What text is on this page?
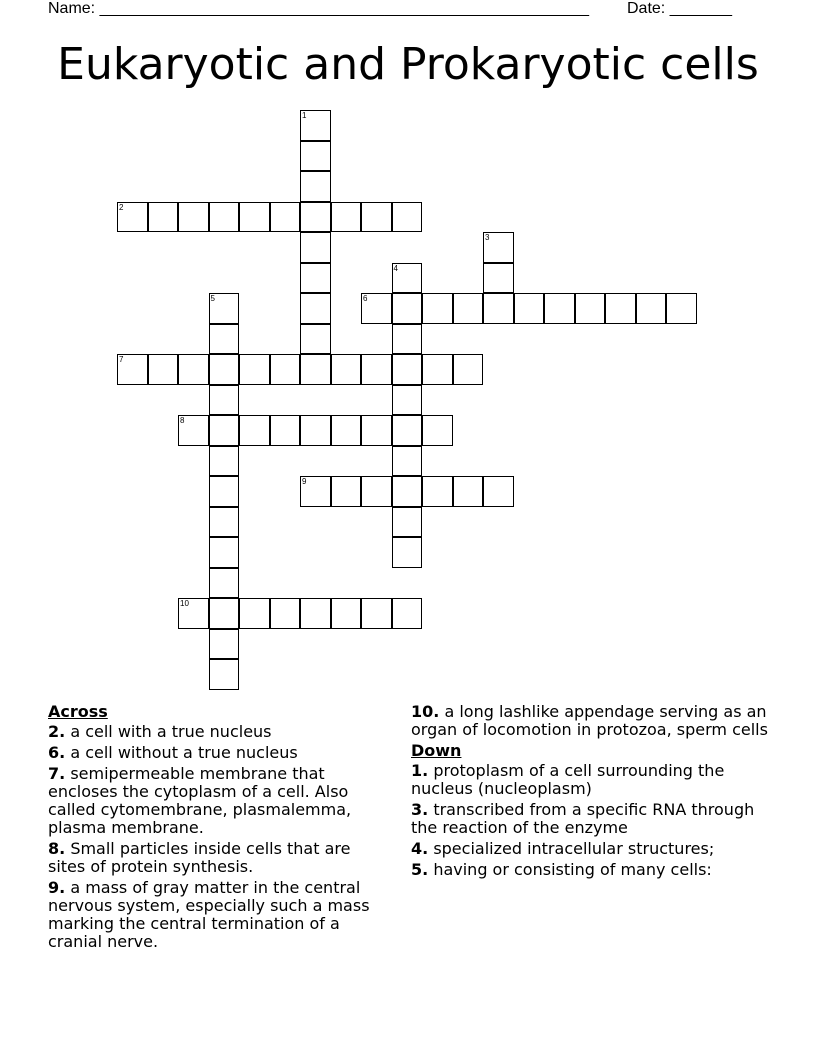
Name: _______________________________________________________ Date: _______
Eukaryotic and Prokaryotic cells
1
2
3
4
5	6
7
8
9
10
Across
2. a cell with a true nucleus
6. a cell without a true nucleus
7. semipermeable membrane that encloses the cytoplasm of a cell. Also called cytomembrane, plasmalemma, plasma membrane.
8. Small particles inside cells that are sites of protein synthesis.
9. a mass of gray matter in the central nervous system, especially such a mass marking the central termination of a cranial nerve.
10. a long lashlike appendage serving as an organ of locomotion in protozoa, sperm cells
Down
1. protoplasm of a cell surrounding the nucleus (nucleoplasm)
3. transcribed from a specific RNA through the reaction of the enzyme
4. specialized intracellular structures;
5. having or consisting of many cells:
